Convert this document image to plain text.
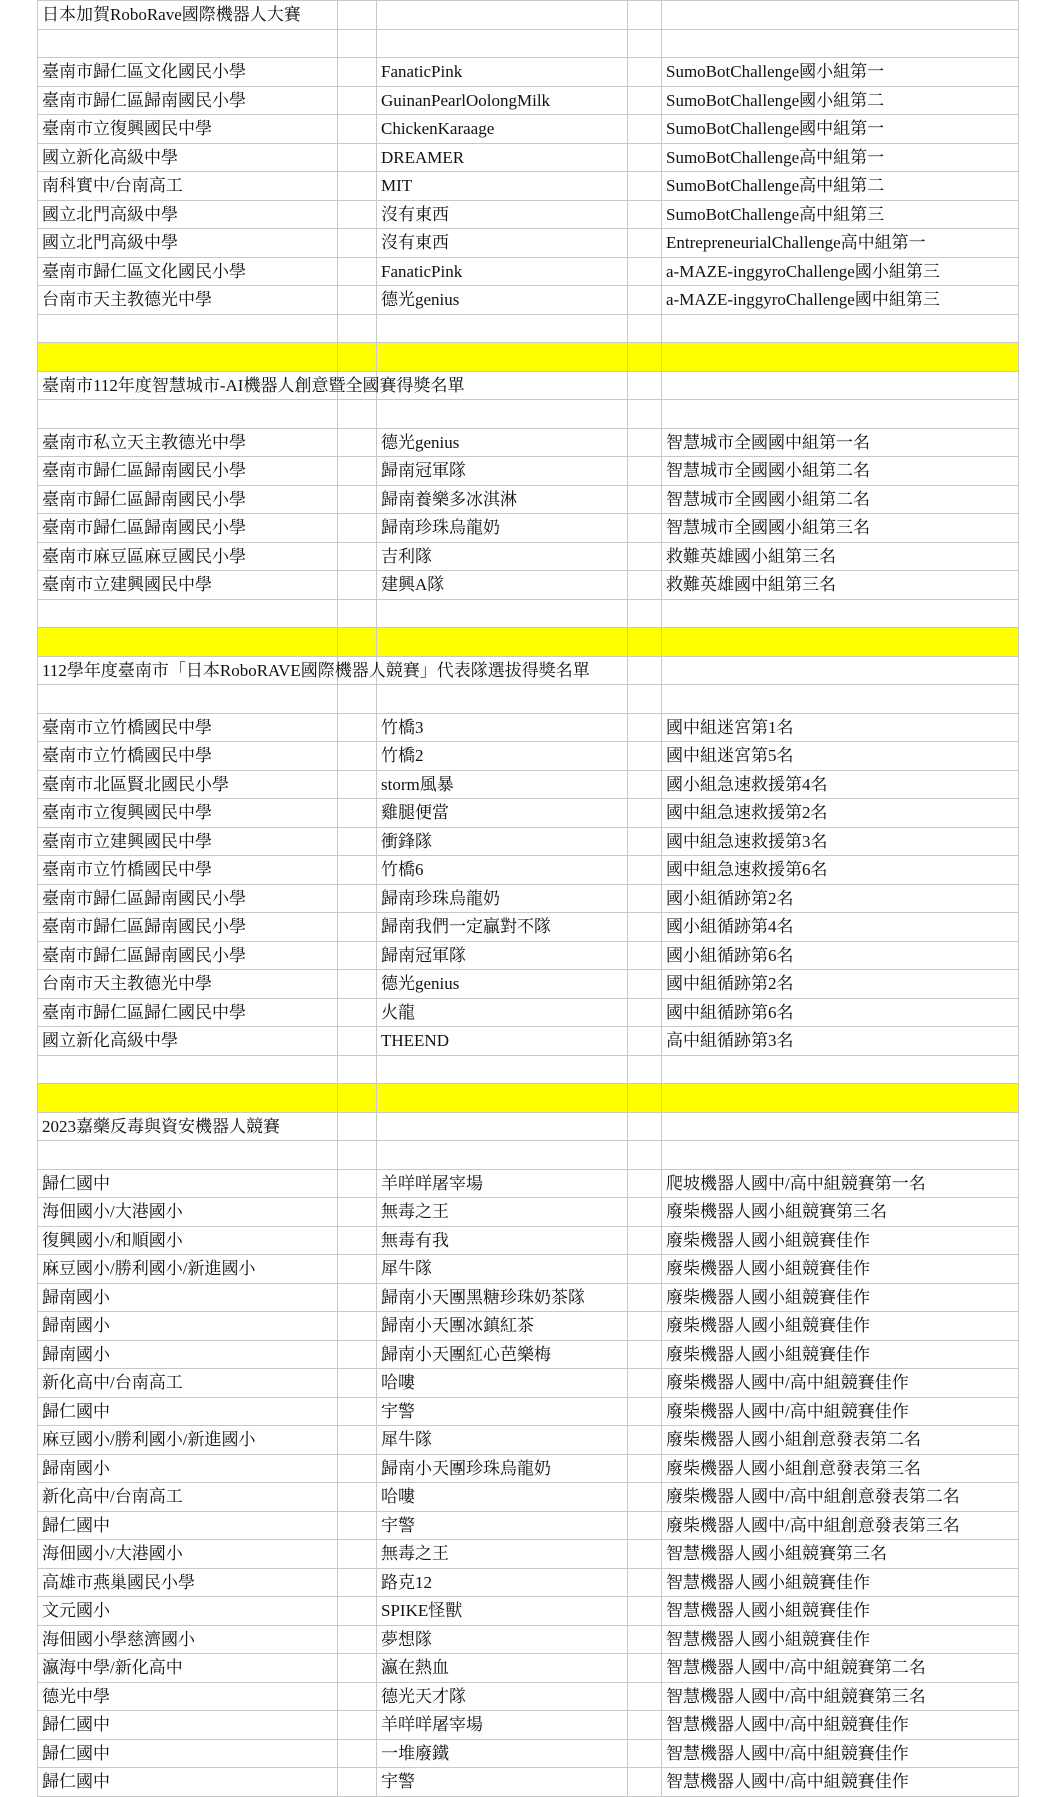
日本加賀RoboRave國際機器人大賽				

臺南市歸仁區文化國民小學		FanaticPink		SumoBotChallenge國小組第一
臺南市歸仁區歸南國民小學		GuinanPearlOolongMilk		SumoBotChallenge國小組第二
臺南市立復興國民中學		ChickenKaraage		SumoBotChallenge國中組第一
國立新化高級中學		DREAMER		SumoBotChallenge高中組第一
南科實中/台南高工		MIT		SumoBotChallenge高中組第二
國立北門高級中學		沒有東西		SumoBotChallenge高中組第三
國立北門高級中學		沒有東西		EntrepreneurialChallenge高中組第一
臺南市歸仁區文化國民小學		FanaticPink		a-MAZE-inggyroChallenge國小組第三
台南市天主教德光中學		德光genius		a-MAZE-inggyroChallenge國中組第三

臺南市112年度智慧城市-AI機器人創意暨全國賽得獎名單				

臺南市私立天主教德光中學		德光genius		智慧城市全國國中組第一名
臺南市歸仁區歸南國民小學		歸南冠軍隊		智慧城市全國國小組第二名
臺南市歸仁區歸南國民小學		歸南養樂多冰淇淋		智慧城市全國國小組第二名
臺南市歸仁區歸南國民小學		歸南珍珠烏龍奶		智慧城市全國國小組第三名
臺南市麻豆區麻豆國民小學		吉利隊		救難英雄國小組第三名
臺南市立建興國民中學		建興A隊		救難英雄國中組第三名

112學年度臺南市「日本RoboRAVE國際機器人競賽」代表隊選拔得獎名單				

臺南市立竹橋國民中學		竹橋3		國中組迷宮第1名
臺南市立竹橋國民中學		竹橋2		國中組迷宮第5名
臺南市北區賢北國民小學		storm風暴		國小組急速救援第4名
臺南市立復興國民中學		雞腿便當		國中組急速救援第2名
臺南市立建興國民中學		衝鋒隊		國中組急速救援第3名
臺南市立竹橋國民中學		竹橋6		國中組急速救援第6名
臺南市歸仁區歸南國民小學		歸南珍珠烏龍奶		國小組循跡第2名
臺南市歸仁區歸南國民小學		歸南我們一定贏對不隊		國小組循跡第4名
臺南市歸仁區歸南國民小學		歸南冠軍隊		國小組循跡第6名
台南市天主教德光中學		德光genius		國中組循跡第2名
臺南市歸仁區歸仁國民中學		火龍		國中組循跡第6名
國立新化高級中學		THEEND		高中組循跡第3名

2023嘉藥反毒與資安機器人競賽				

歸仁國中		羊咩咩屠宰場		爬坡機器人國中/高中組競賽第一名
海佃國小/大港國小		無毒之王		廢柴機器人國小組競賽第三名
復興國小/和順國小		無毒有我		廢柴機器人國小組競賽佳作
麻豆國小/勝利國小/新進國小		犀牛隊		廢柴機器人國小組競賽佳作
歸南國小		歸南小天團黑糖珍珠奶茶隊		廢柴機器人國小組競賽佳作
歸南國小		歸南小天團冰鎮紅茶		廢柴機器人國小組競賽佳作
歸南國小		歸南小天團紅心芭樂梅		廢柴機器人國小組競賽佳作
新化高中/台南高工		哈嘍		廢柴機器人國中/高中組競賽佳作
歸仁國中		宇警		廢柴機器人國中/高中組競賽佳作
麻豆國小/勝利國小/新進國小		犀牛隊		廢柴機器人國小組創意發表第二名
歸南國小		歸南小天團珍珠烏龍奶		廢柴機器人國小組創意發表第三名
新化高中/台南高工		哈嘍		廢柴機器人國中/高中組創意發表第二名
歸仁國中		宇警		廢柴機器人國中/高中組創意發表第三名
海佃國小/大港國小		無毒之王		智慧機器人國小組競賽第三名
高雄市燕巢國民小學		路克12		智慧機器人國小組競賽佳作
文元國小		SPIKE怪獸		智慧機器人國小組競賽佳作
海佃國小學慈濟國小		夢想隊		智慧機器人國小組競賽佳作
瀛海中學/新化高中		瀛在熱血		智慧機器人國中/高中組競賽第二名
德光中學		德光天才隊		智慧機器人國中/高中組競賽第三名
歸仁國中		羊咩咩屠宰場		智慧機器人國中/高中組競賽佳作
歸仁國中		一堆廢鐵		智慧機器人國中/高中組競賽佳作
歸仁國中		宇警		智慧機器人國中/高中組競賽佳作
